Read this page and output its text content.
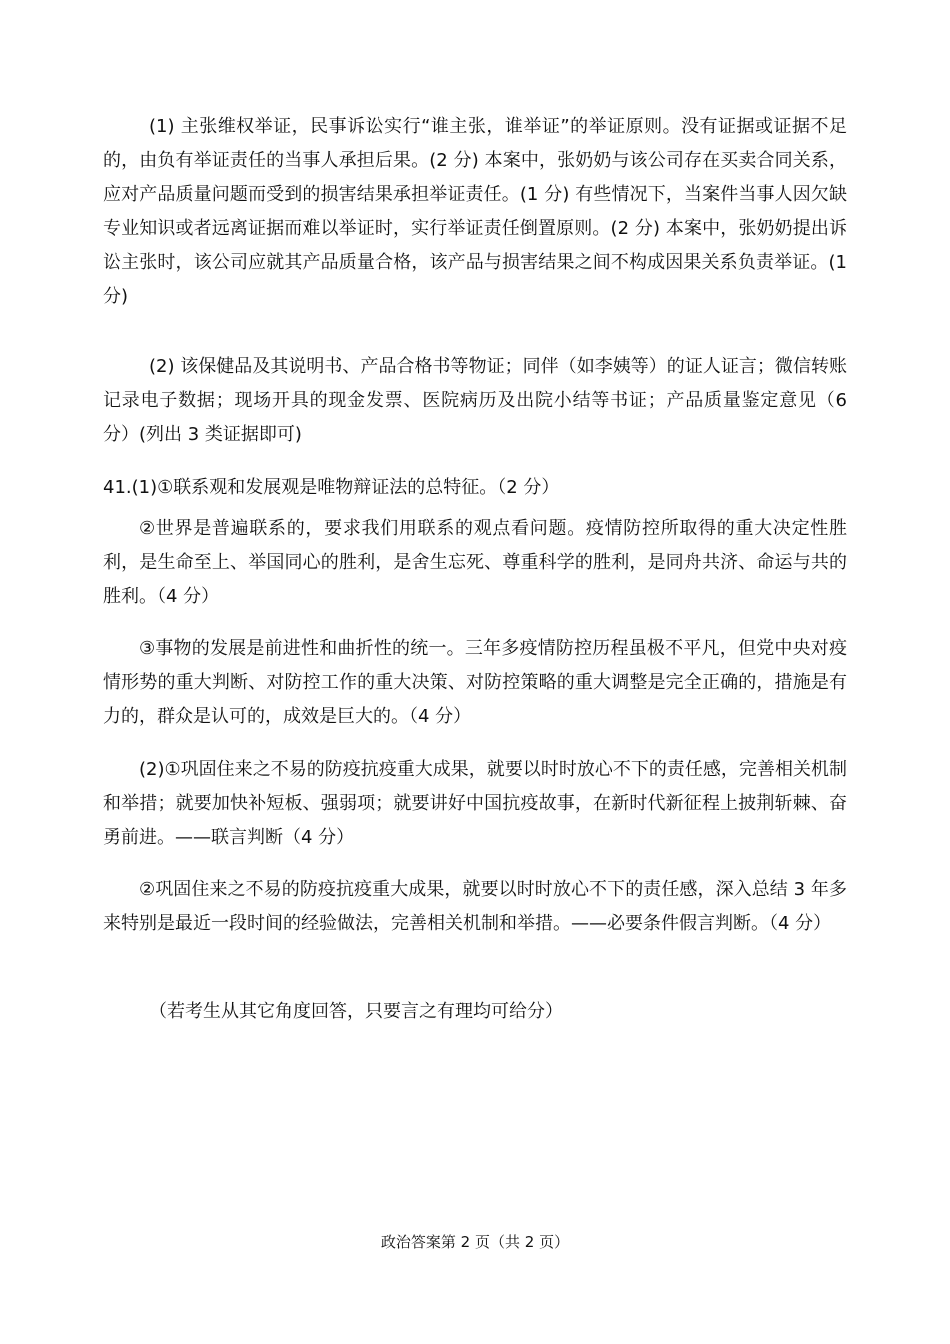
(1) 主张维权举证，民事诉讼实行“谁主张，谁举证”的举证原则。没有证据或证据不足的，由负有举证责任的当事人承担后果。(2 分) 本案中，张奶奶与该公司存在买卖合同关系，应对产品质量问题而受到的损害结果承担举证责任。(1 分) 有些情况下，当案件当事人因欠缺专业知识或者远离证据而难以举证时，实行举证责任倒置原则。(2 分) 本案中，张奶奶提出诉讼主张时，该公司应就其产品质量合格，该产品与损害结果之间不构成因果关系负责举证。(1 分)
(2) 该保健品及其说明书、产品合格书等物证；同伴（如李姨等）的证人证言；微信转账记录电子数据；现场开具的现金发票、医院病历及出院小结等书证；产品质量鉴定意见（6 分）(列出 3 类证据即可)
41.(1)①联系观和发展观是唯物辩证法的总特征。（2 分）
②世界是普遍联系的，要求我们用联系的观点看问题。疫情防控所取得的重大决定性胜利，是生命至上、举国同心的胜利，是舍生忘死、尊重科学的胜利，是同舟共济、命运与共的胜利。（4 分）
③事物的发展是前进性和曲折性的统一。三年多疫情防控历程虽极不平凡，但党中央对疫情形势的重大判断、对防控工作的重大决策、对防控策略的重大调整是完全正确的，措施是有力的，群众是认可的，成效是巨大的。（4 分）
(2)①巩固住来之不易的防疫抗疫重大成果，就要以时时放心不下的责任感，完善相关机制和举措；就要加快补短板、强弱项；就要讲好中国抗疫故事，在新时代新征程上披荆斩棘、奋勇前进。——联言判断（4 分）
②巩固住来之不易的防疫抗疫重大成果，就要以时时放心不下的责任感，深入总结 3 年多来特别是最近一段时间的经验做法，完善相关机制和举措。——必要条件假言判断。（4 分）
（若考生从其它角度回答，只要言之有理均可给分）
政治答案第 2 页（共 2 页）
